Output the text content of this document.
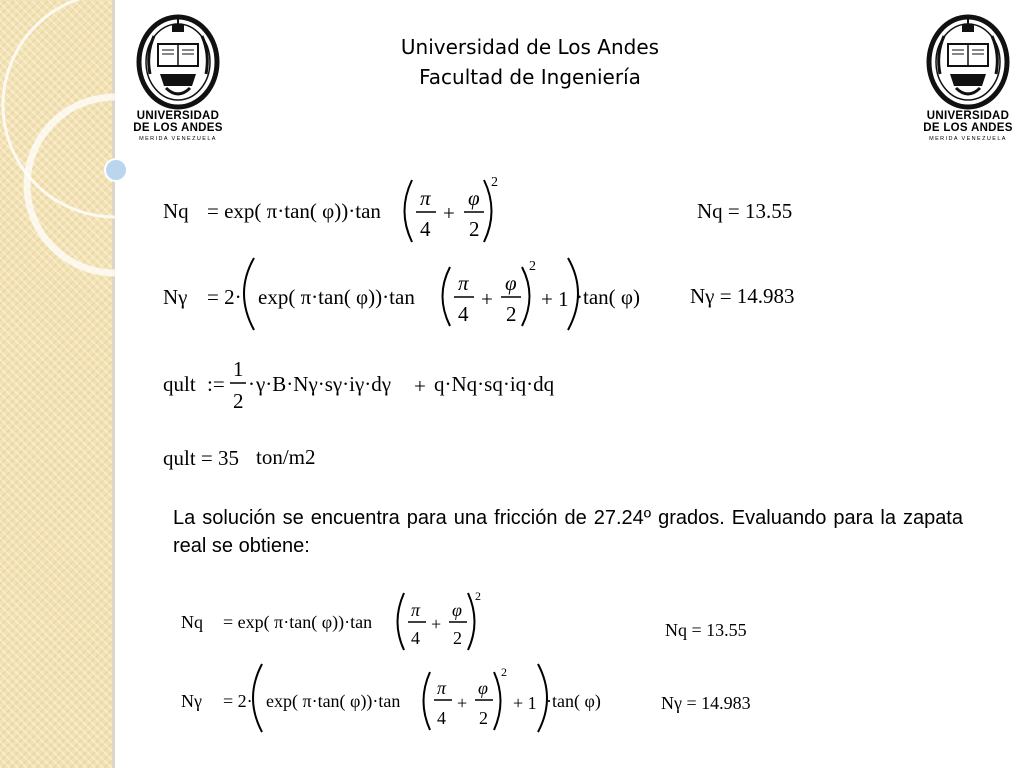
UNIVERSIDAD
DE LOS ANDES
MERIDA VENEZUELA
UNIVERSIDAD
DE LOS ANDES
MERIDA VENEZUELA
Universidad de Los Andes
Facultad de Ingeniería
Nq = exp( π·tan( φ))·tan
π
4
+
φ
2
2
Nq = 13.55
Nγ = 2· exp( π·tan( φ))·tan
π
4
+
φ
2
2
+ 1 ·tan( φ) Nγ = 14.983
qult :=
1
2
· γ·B·Nγ·sγ·iγ·dγ + q·Nq·sq·iq·dq
qult = 35 ton/m2
Nq = exp( π·tan( φ))·tan
π
4
+
φ
2
2
Nq = 13.55
Nγ = 2· exp( π·tan( φ))·tan
π
4
+
φ
2
2
+ 1 ·tan( φ)	Nγ = 14.983
La solución se encuentra para una fricción de 27.24º grados. Evaluando para la zapata real se obtiene:
